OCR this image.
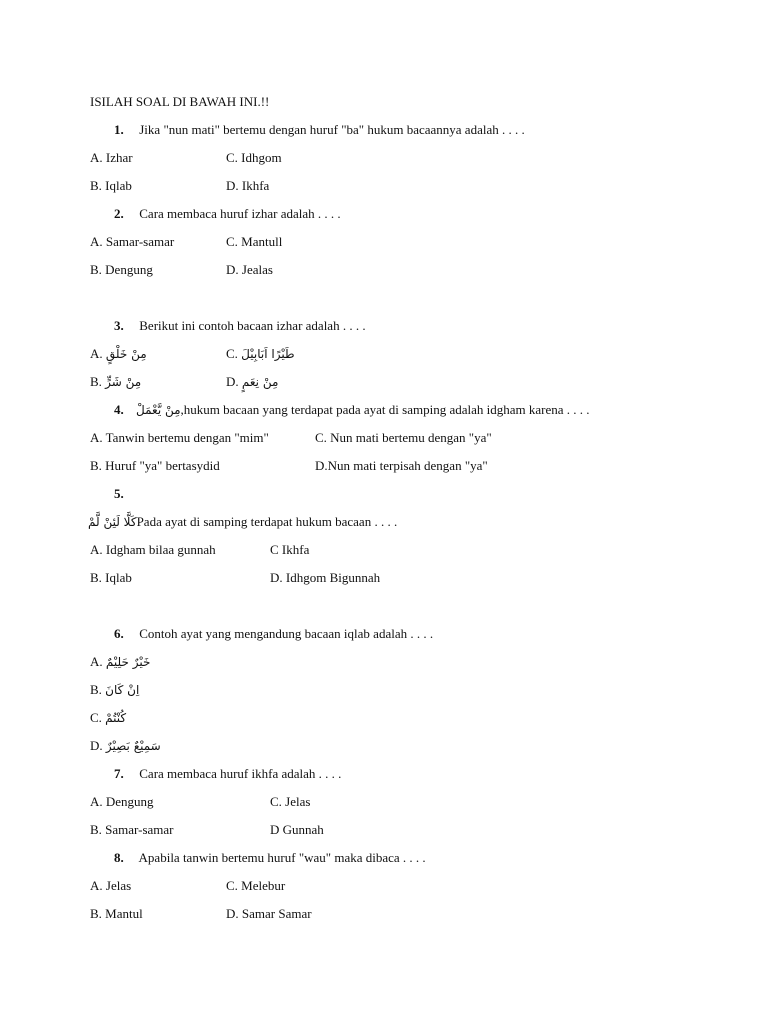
ISILAH SOAL DI BAWAH INI.!!
1. Jika "nun mati" bertemu dengan huruf "ba" hukum bacaannya adalah . . . .
A. Izhar	C. Idhgom
B. Iqlab	D. Ikhfa
2. Cara membaca huruf izhar adalah . . . .
A. Samar-samar	C. Mantull
B. Dengung	D. Jealas
3. Berikut ini contoh bacaan izhar adalah . . . .
A. مِنْ خَلْقٍ	C. طَيْرًا اَبَابِيْلَ
B. مِنْ شَرٍّ	D. مِنْ نِعَمٍ
4. مِنْ يَّعْمَلْ,hukum bacaan yang terdapat pada ayat di samping adalah idgham karena . . . .
A. Tanwin bertemu dengan "mim"	C. Nun mati bertemu dengan "ya"
B. Huruf "ya" bertasydid	D.Nun mati terpisah dengan "ya"
5.
كَلَّا لَئِنْ لَّمْPada ayat di samping terdapat hukum bacaan . . . .
A. Idgham bilaa gunnah	C Ikhfa
B. Iqlab	D. Idhgom Bigunnah
6. Contoh ayat yang mengandung bacaan iqlab adalah . . . .
A. خَيْرٌ حَلِيْمٌ
B. اِنْ كَانَ
C. كُنْتُمْ
D. سَمِيْعٌ بَصِيْرٌ
7. Cara membaca huruf ikhfa adalah . . . .
A. Dengung	C. Jelas
B. Samar-samar	D Gunnah
8. Apabila tanwin bertemu huruf "wau" maka dibaca . . . .
A. Jelas	C. Melebur
B. Mantul	D. Samar Samar
